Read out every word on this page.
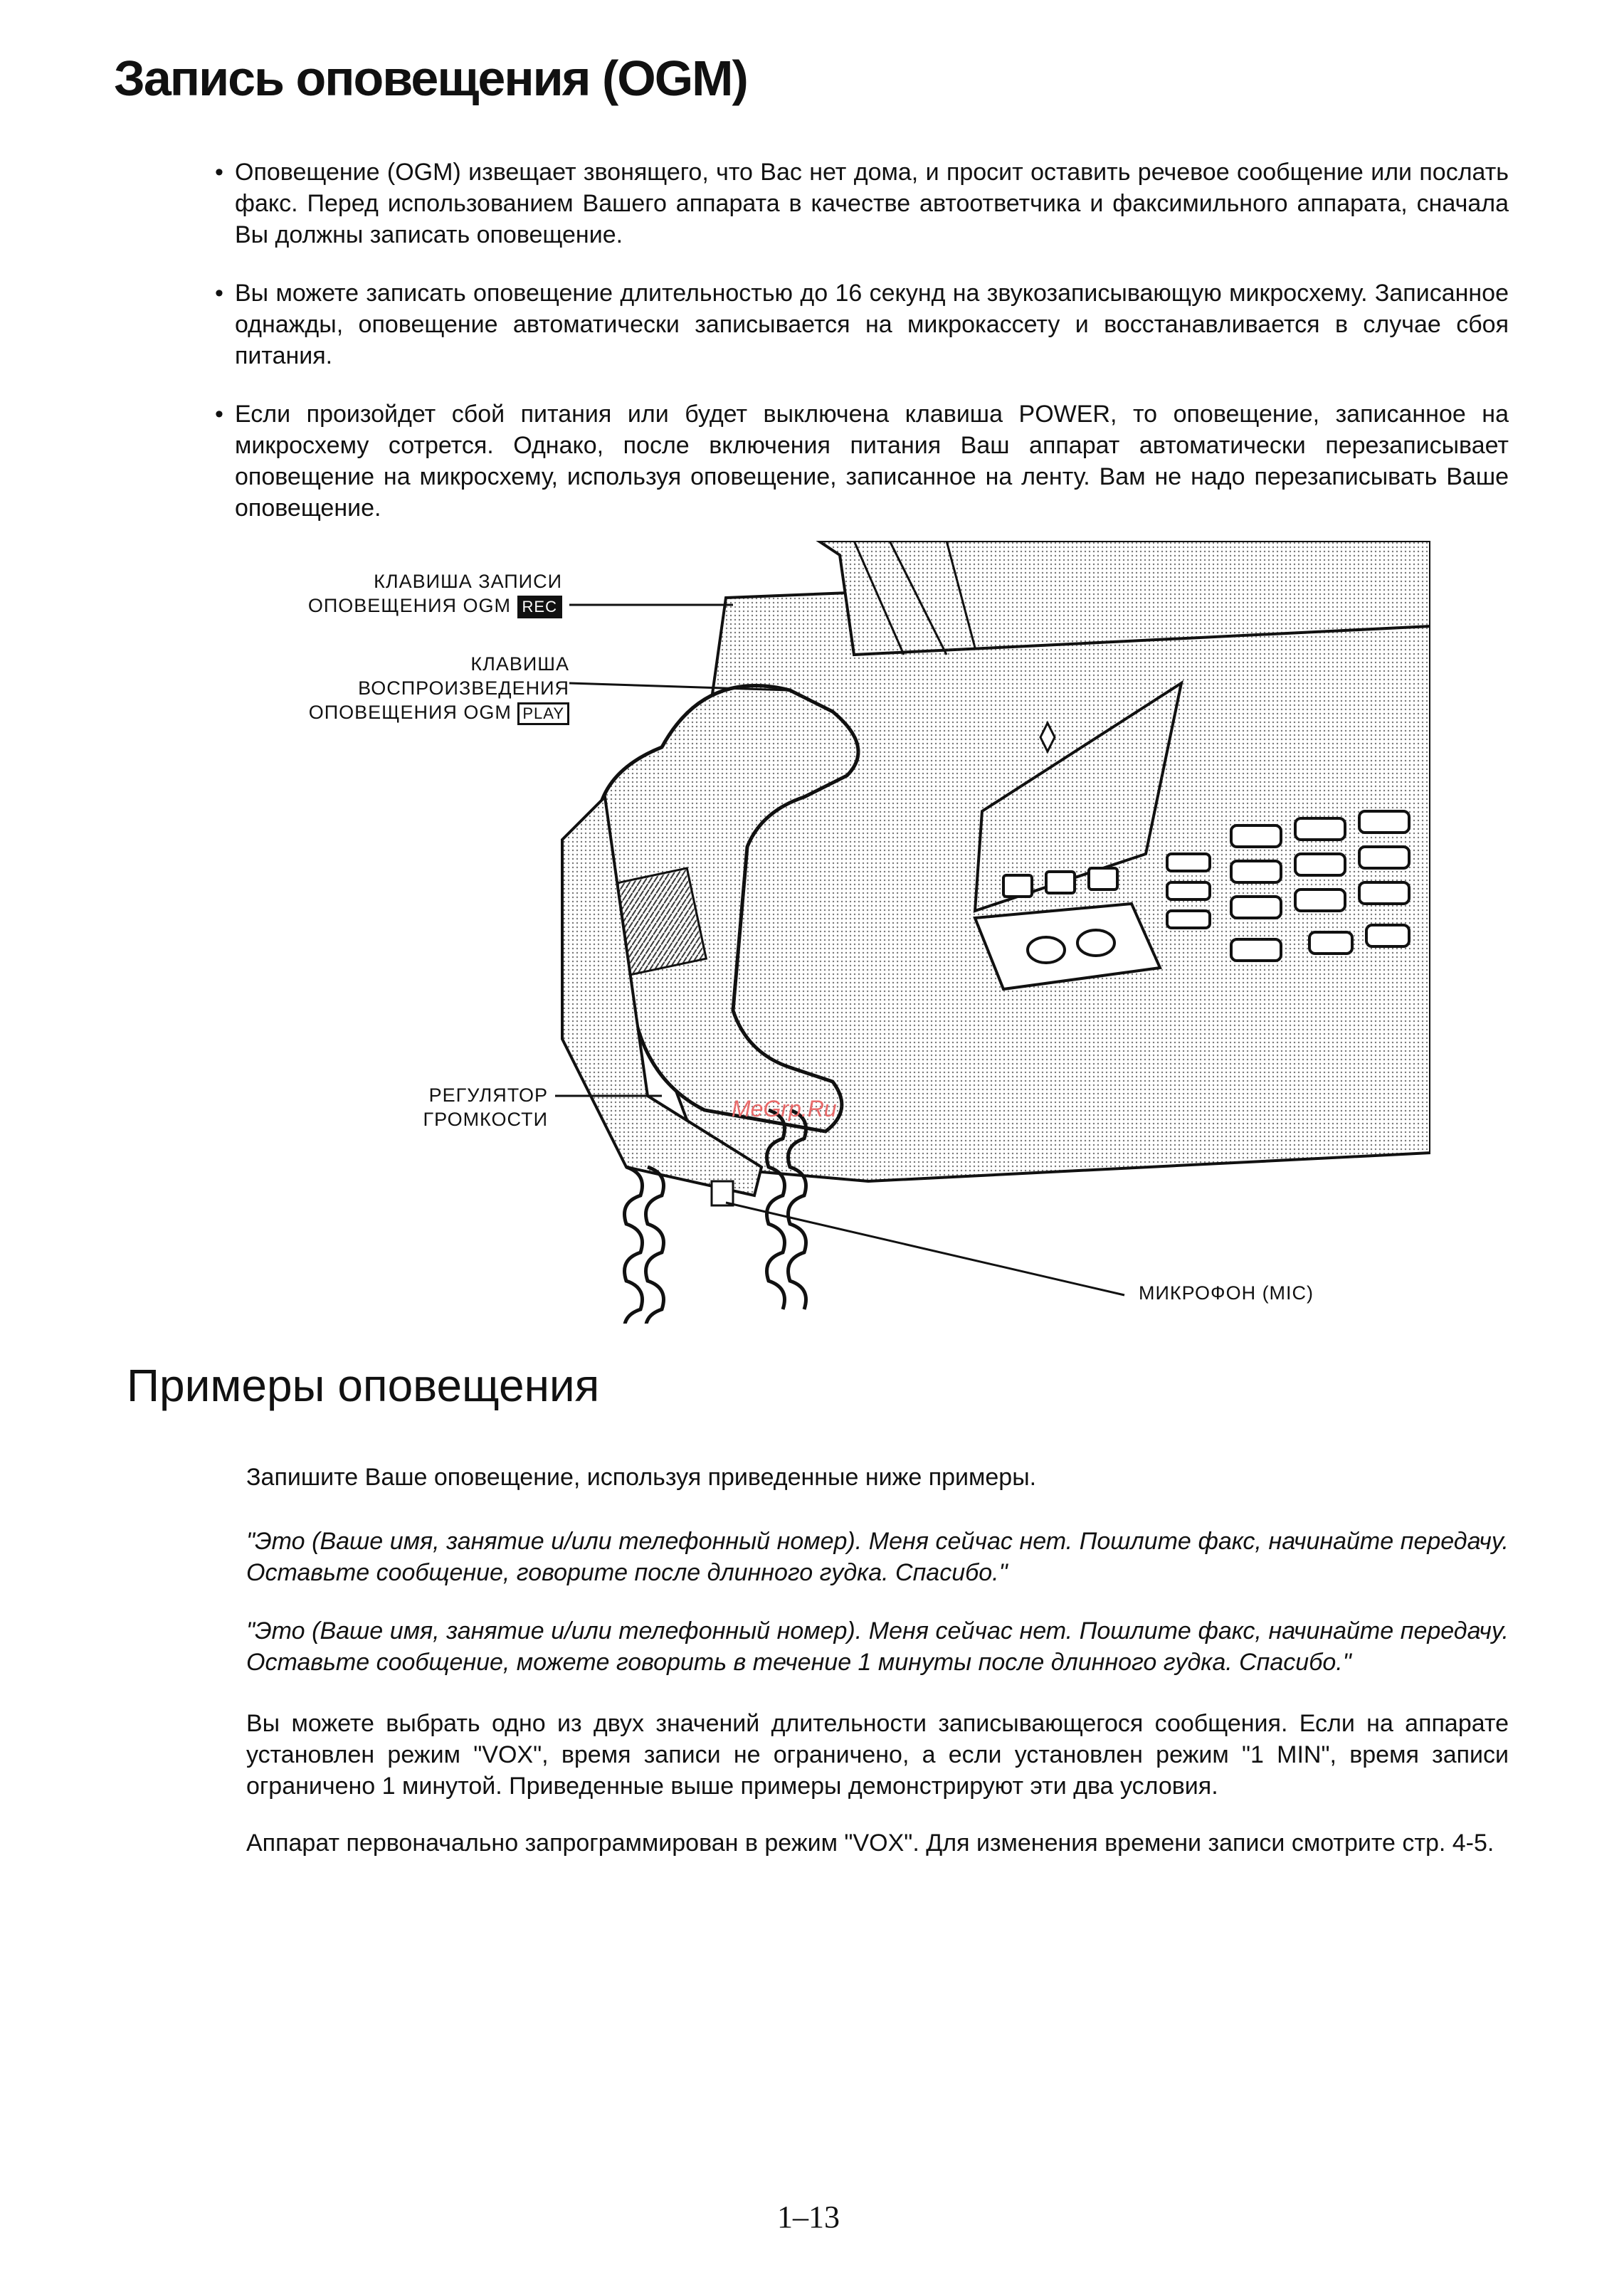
Запись оповещения (OGM)
• Оповещение (OGM) извещает звонящего, что Вас нет дома, и просит оставить речевое сообщение или послать факс. Перед использованием Вашего аппарата в качестве автоответчика и факсимильного аппарата, сначала Вы должны записать оповещение.
• Вы можете записать оповещение длительностью до 16 секунд на звукозаписывающую микросхему. Записанное однажды, оповещение автоматически записывается на микрокассету и восстанавливается в случае сбоя питания.
• Если произойдет сбой питания или будет выключена клавиша POWER, то оповещение, записанное на микросхему сотрется. Однако, после включения питания Ваш аппарат автоматически перезаписывает оповещение на микросхему, используя оповещение, записанное на ленту. Вам не надо перезаписывать Ваше оповещение.
КЛАВИША ЗАПИСИ
ОПОВЕЩЕНИЯ OGM REC
КЛАВИША ВОСПРОИЗВЕДЕНИЯ
ОПОВЕЩЕНИЯ OGM PLAY
РЕГУЛЯТОР
ГРОМКОСТИ
МИКРОФОН (MIC)
MeGrp.Ru
Примеры оповещения

Запишите Ваше оповещение, используя приведенные ниже примеры.

"Это (Ваше имя, занятие и/или телефонный номер). Меня сейчас нет. Пошлите факс, начинайте передачу. Оставьте сообщение, говорите после длинного гудка. Спасибо."

"Это (Ваше имя, занятие и/или телефонный номер). Меня сейчас нет. Пошлите факс, начинайте передачу. Оставьте сообщение, можете говорить в течение 1 минуты после длинного гудка. Спасибо."

Вы можете выбрать одно из двух значений длительности записывающегося сообщения. Если на аппарате установлен режим "VOX", время записи не ограничено, а если установлен режим "1 MIN", время записи ограничено 1 минутой. Приведенные выше примеры демонстрируют эти два условия.

Аппарат первоначально запрограммирован в режим "VOX". Для изменения времени записи смотрите стр. 4-5.

1–13
